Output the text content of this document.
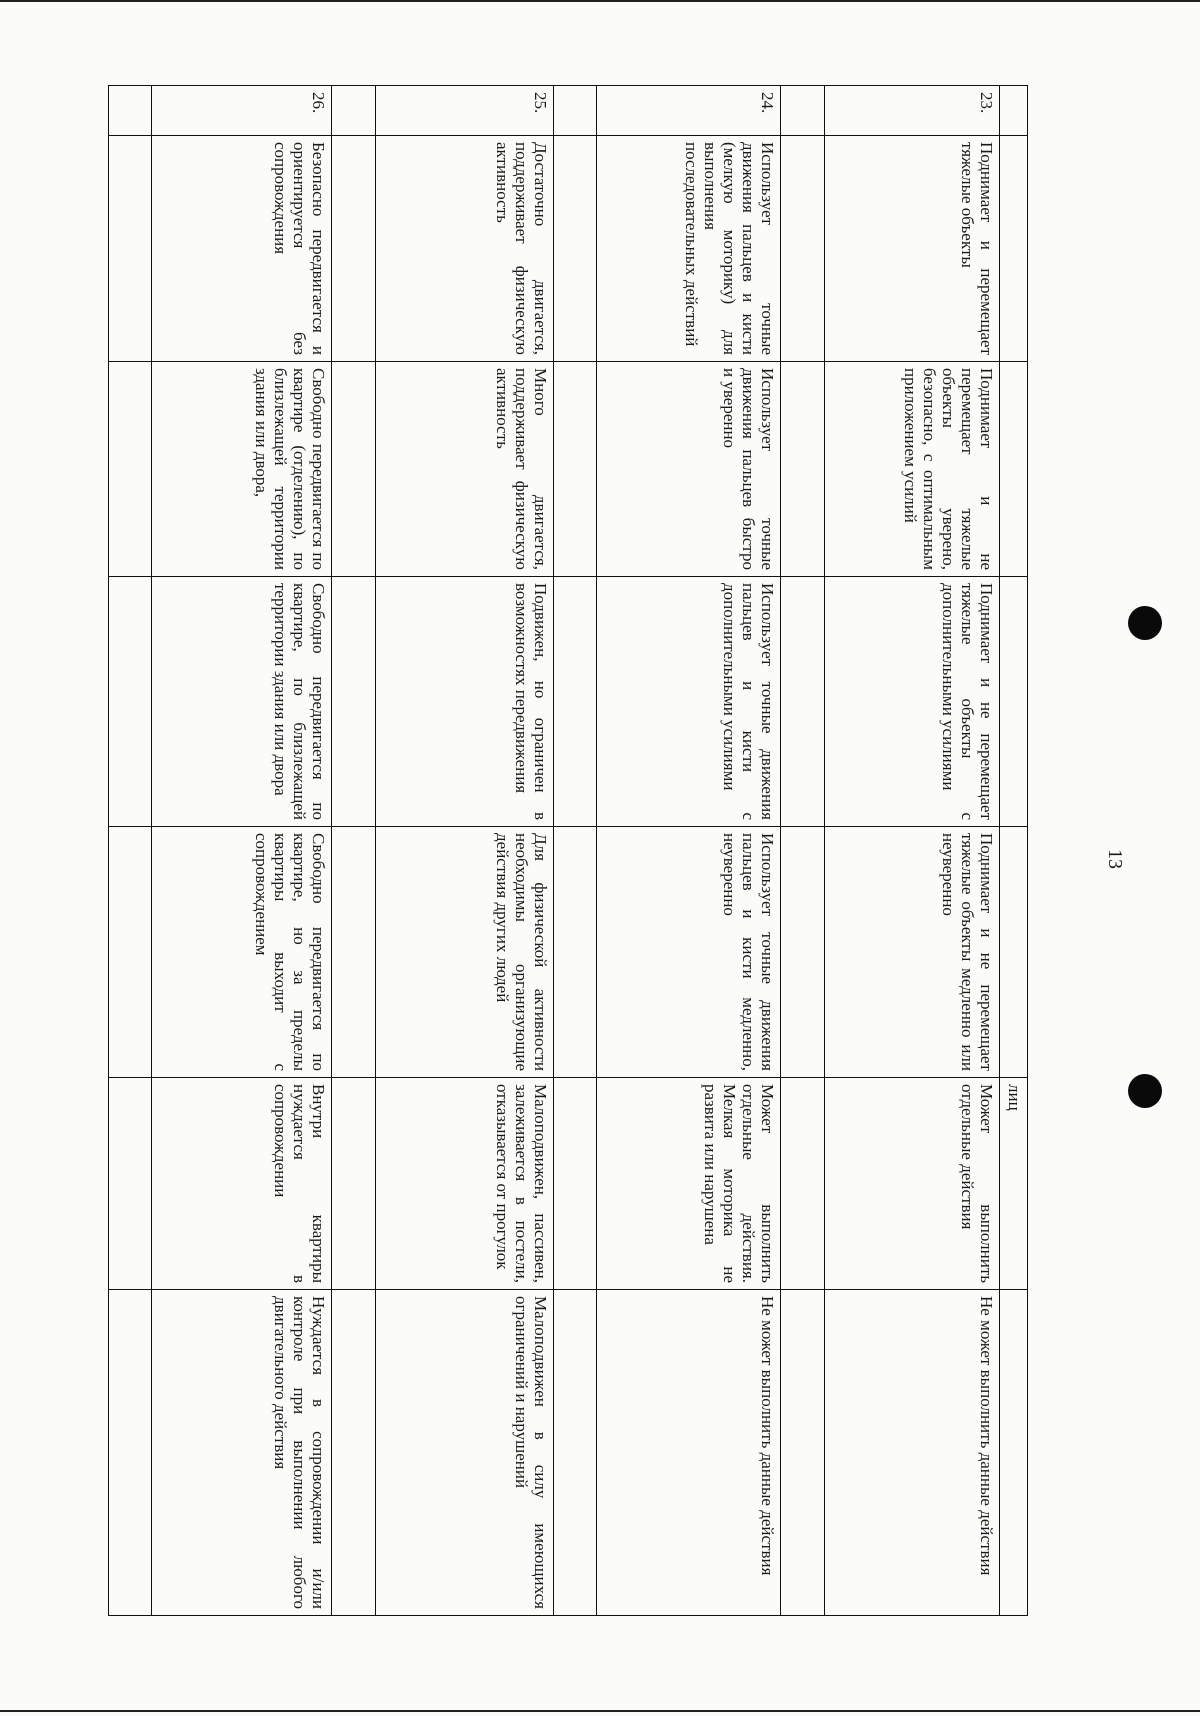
13
					лиц	
23.	Поднимает и перемещает тяжелые объекты	Поднимает и не перемещает тяжелые объекты уверено, безопасно, с оптимальным приложением усилий	Поднимает и не перемещает тяжелые объекты с дополнительными усилиями	Поднимает и не перемещает тяжелые объекты медленно или неуверенно	Может выполнить отдельные действия	Не может выполнить данные действия

24.	Использует точные движения пальцев и кисти (мелкую моторику) для выполнения последовательных действий	Использует точные движения пальцев быстро и уверенно	Использует точные движения пальцев и кисти с дополнительными усилиями	Использует точные движения пальцев и кисти медленно, неуверенно	Может выполнить отдельные действия. Мелкая моторика не развита или нарушена	Не может выполнить данные действия

25.	Достаточно двигается, поддерживает физическую активность	Много двигается, поддерживает физическую активность	Подвижен, но ограничен в возможностях передвижения	Для физической активности необходимы организующие действия других людей	Малоподвижен, пассивен, залеживается в постели, отказывается от прогулок	Малоподвижен в силу имеющихся ограничений и нарушений

26.	Безопасно передвигается и ориентируется без сопровождения	Свободно передвигается по квартире (отделению), по близлежащей территории здания или двора,	Свободно передвигается по квартире, по близлежащей территории здания или двора	Свободно передвигается по квартире, но за пределы квартиры выходит с сопровождением	Внутри квартиры нуждается в сопровождении	Нуждается в сопровождении и/или контроле при выполнении любого двигательного действия
